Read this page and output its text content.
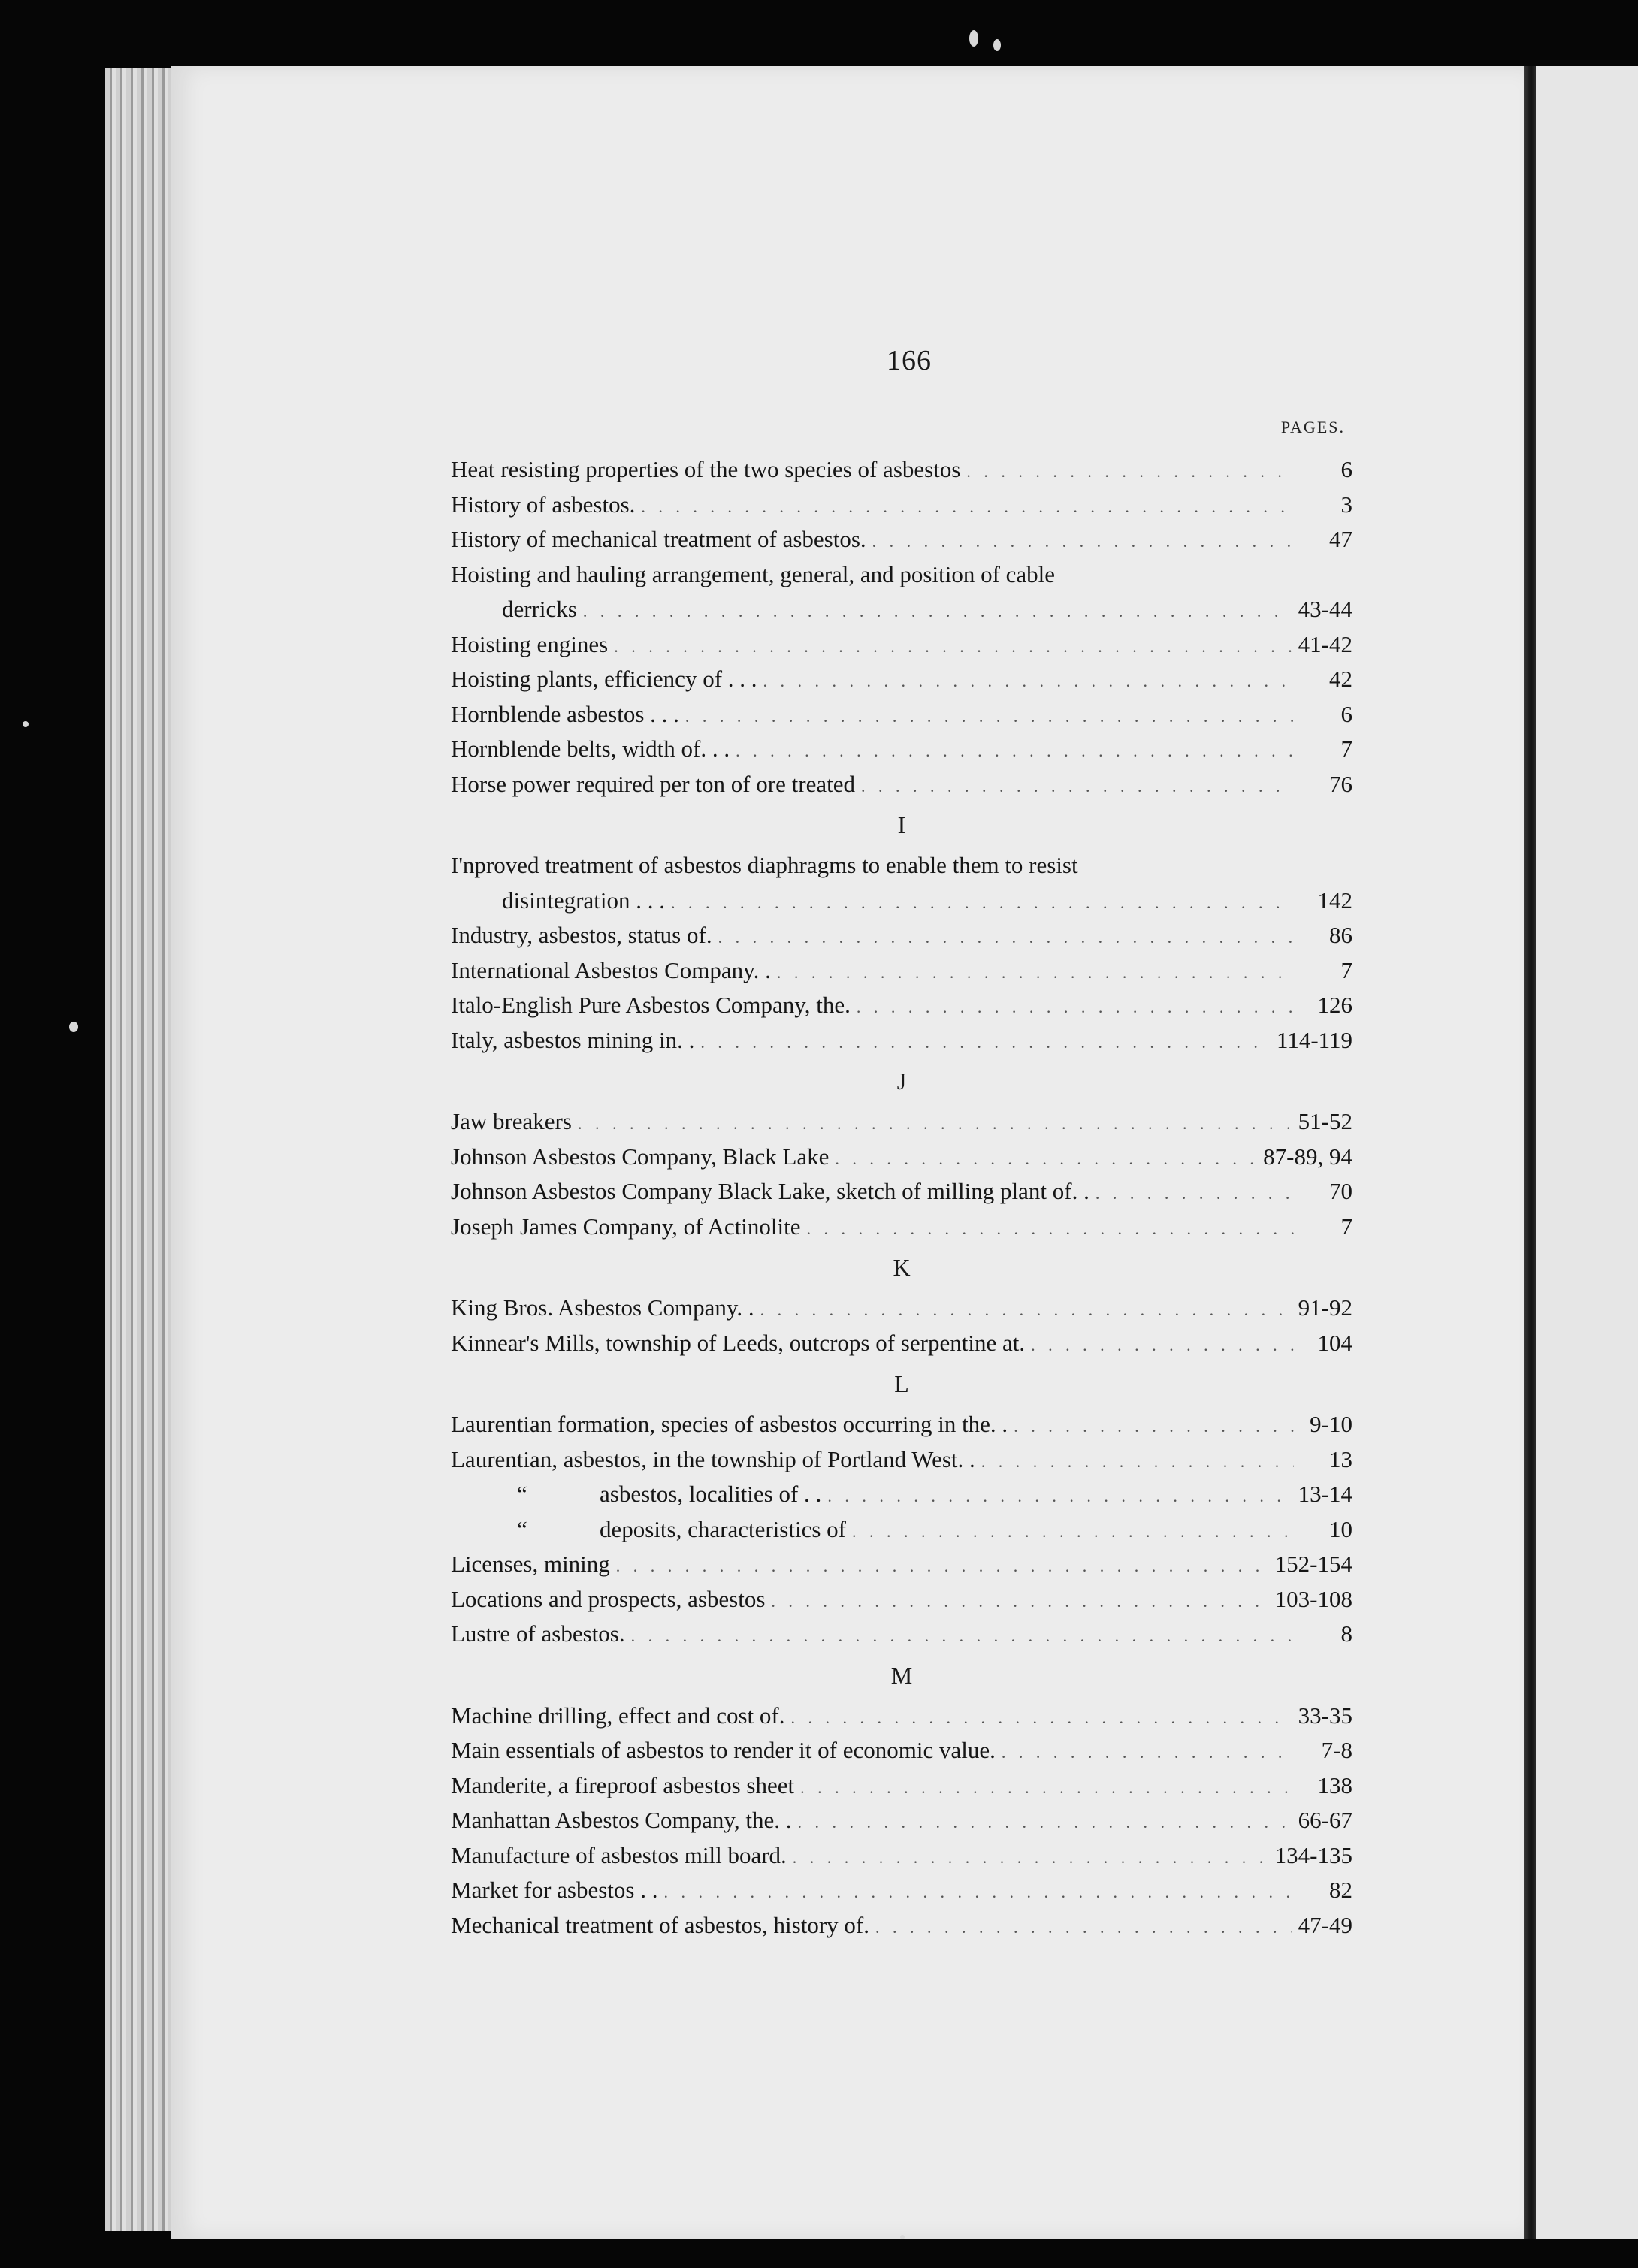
166
PAGES.
Heat resisting properties of the two species of asbestos . . .	6
History of asbestos. . . .	3
History of mechanical treatment of asbestos. . . .	47
Hoisting and hauling arrangement, general, and position of cable
derricks . . .	43-44
Hoisting engines . . .	41-42
Hoisting plants, efficiency of . . . . . .	42
Hornblende asbestos . . . . . .	6
Hornblende belts, width of. . . . . .	7
Horse power required per ton of ore treated . . .	76
I
I'nproved treatment of asbestos diaphragms to enable them to resist
disintegration . . . . . .	142
Industry, asbestos, status of. . . .	86
International Asbestos Company. . . . .	7
Italo-English Pure Asbestos Company, the. . . .	126
Italy, asbestos mining in. . . . .	114-119
J
Jaw breakers . . .	51-52
Johnson Asbestos Company, Black Lake . . .	87-89, 94
Johnson Asbestos Company Black Lake, sketch of milling plant of. . . . .	70
Joseph James Company, of Actinolite . . .	7
K
King Bros. Asbestos Company. . . . .	91-92
Kinnear's Mills, township of Leeds, outcrops of serpentine at. . . .	104
L
Laurentian formation, species of asbestos occurring in the. . . . .	9-10
Laurentian, asbestos, in the township of Portland West. . . . .	13
“	asbestos, localities of . . . . .	13-14
“	deposits, characteristics of . . .	10
Licenses, mining . . .	152-154
Locations and prospects, asbestos . . .	103-108
Lustre of asbestos. . . .	8
M
Machine drilling, effect and cost of. . . .	33-35
Main essentials of asbestos to render it of economic value. . . .	7-8
Manderite, a fireproof asbestos sheet . . .	138
Manhattan Asbestos Company, the. . . . .	66-67
Manufacture of asbestos mill board. . . .	134-135
Market for asbestos . . . . .	82
Mechanical treatment of asbestos, history of. . . .	47-49
